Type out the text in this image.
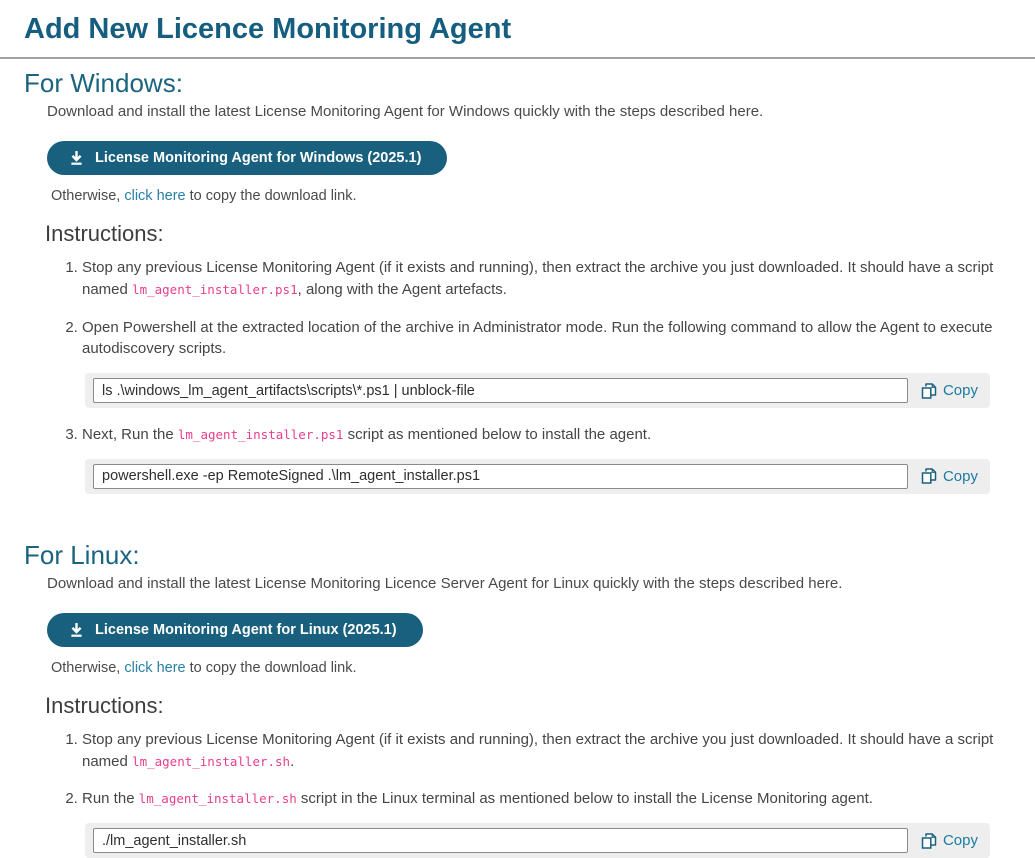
Add New Licence Monitoring Agent
For Windows:

Download and install the latest License Monitoring Agent for Windows quickly with the steps described here.

License Monitoring Agent for Windows (2025.1)

Otherwise, click here to copy the download link.

Instructions:
1. Stop any previous License Monitoring Agent (if it exists and running), then extract the archive you just downloaded. It should have a script named lm_agent_installer.ps1, along with the Agent artefacts.
2. Open Powershell at the extracted location of the archive in Administrator mode. Run the following command to allow the Agent to execute autodiscovery scripts.
ls .\windows_lm_agent_artifacts\scripts\*.ps1 | unblock-file
Copy
3. Next, Run the lm_agent_installer.ps1 script as mentioned below to install the agent.
powershell.exe -ep RemoteSigned .\lm_agent_installer.ps1
Copy
For Linux:

Download and install the latest License Monitoring Licence Server Agent for Linux quickly with the steps described here.

License Monitoring Agent for Linux (2025.1)

Otherwise, click here to copy the download link.

Instructions:
1. Stop any previous License Monitoring Agent (if it exists and running), then extract the archive you just downloaded. It should have a script named lm_agent_installer.sh.
2. Run the lm_agent_installer.sh script in the Linux terminal as mentioned below to install the License Monitoring agent.
./lm_agent_installer.sh
Copy
